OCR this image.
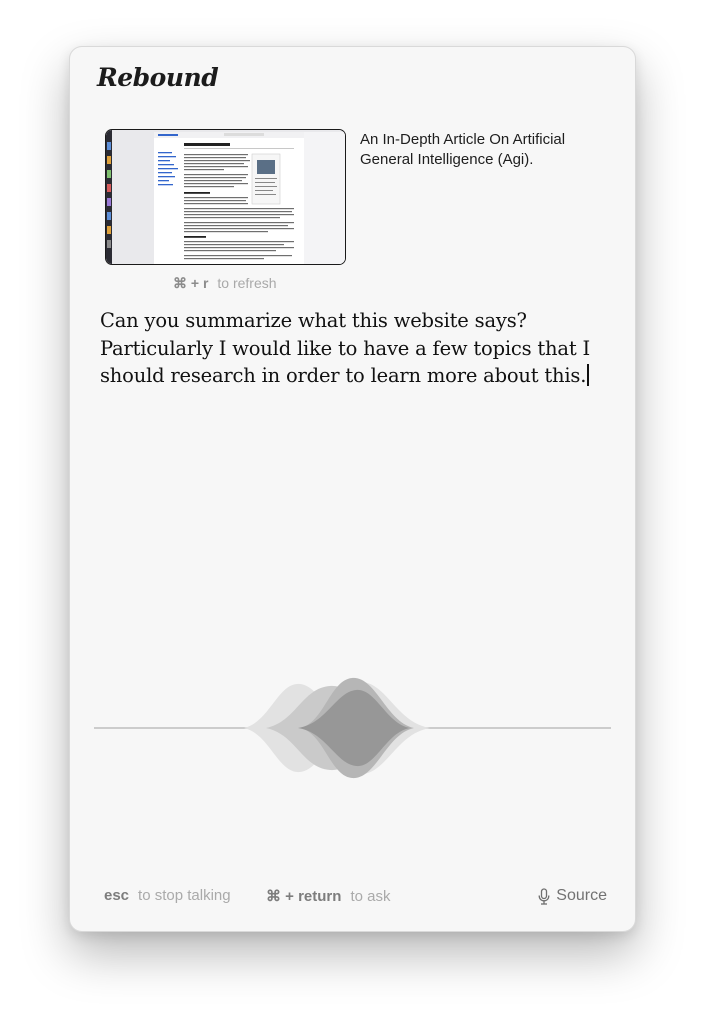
Rebound
An In-Depth Article On Artificial General Intelligence (Agi).
⌘ + r to refresh
Can you summarize what this website says? Particularly I would like to have a few topics that I should research in order to learn more about this.
esc to stop talking ⌘ + return to ask	Source
